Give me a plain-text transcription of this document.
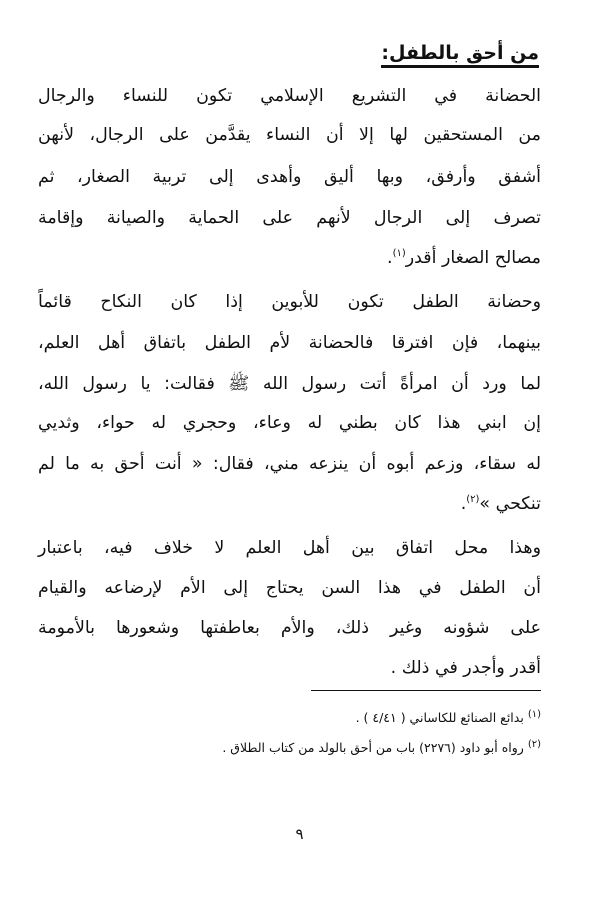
من أحق بالطفل:
الحضانة في التشريع الإسلامي تكون للنساء والرجال
من المستحقين لها إلا أن النساء يقدَّمن على الرجال، لأنهن
أشفق وأرفق، وبها أليق وأهدى إلى تربية الصغار، ثم
تصرف إلى الرجال لأنهم على الحماية والصيانة وإقامة
مصالح الصغار أقدر$^{(١)}$.
وحضانة الطفل تكون للأبوين إذا كان النكاح قائماً
بينهما، فإن افترقا فالحضانة لأم الطفل باتفاق أهل العلم،
لما ورد أن امرأةً أتت رسول الله ﷺ فقالت: يا رسول الله،
إن ابني هذا كان بطني له وعاء، وحجري له حواء، وثديي
له سقاء، وزعم أبوه أن ينزعه مني، فقال: « أنت أحق به ما لم
تنكحي »$^{(٢)}$.
وهذا محل اتفاق بين أهل العلم لا خلاف فيه، باعتبار
أن الطفل في هذا السن يحتاج إلى الأم لإرضاعه والقيام
على شؤونه وغير ذلك، والأم بعاطفتها وشعورها بالأمومة
أقدر وأجدر في ذلك .
$^{(١)}$ بدائع الصنائع للكاساني ( ٤/٤١ ) .
$^{(٢)}$ رواه أبو داود (٢٢٧٦) باب من أحق بالولد من كتاب الطلاق .
٩
